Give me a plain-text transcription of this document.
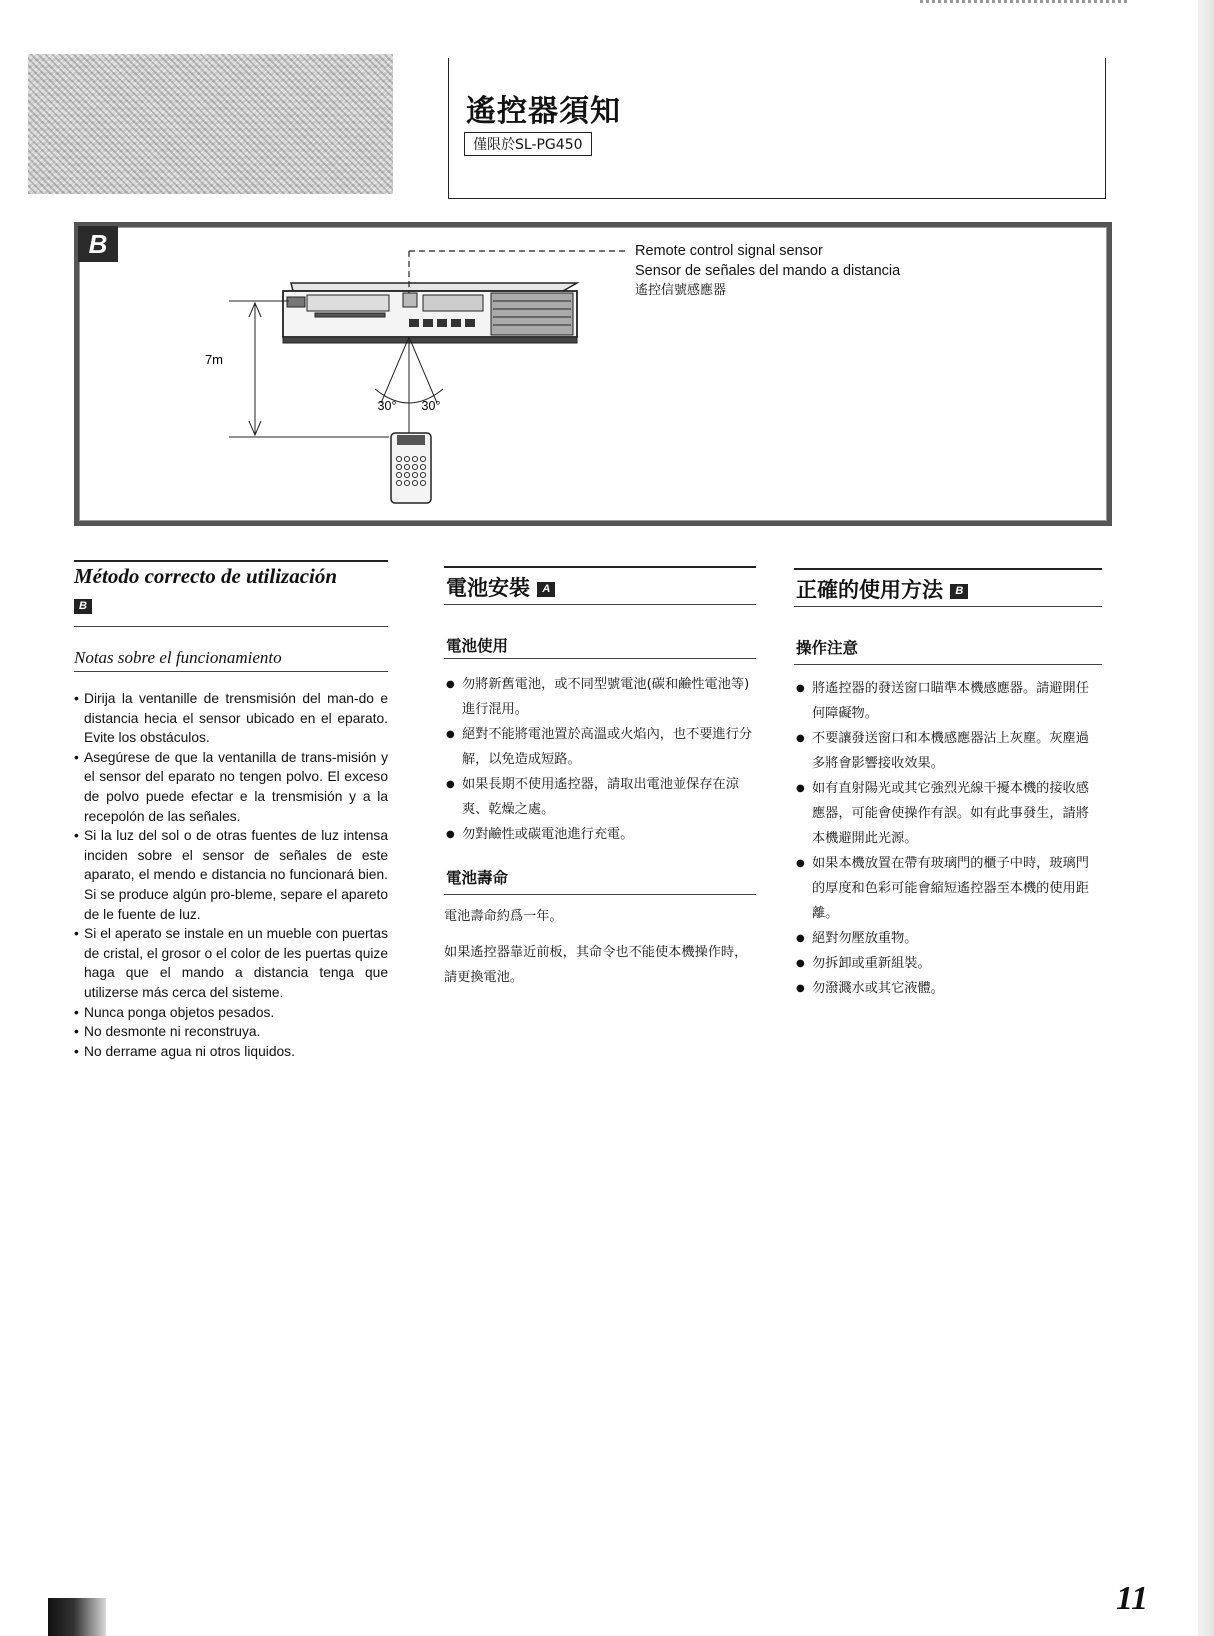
遙控器須知
僅限於SL-PG450
7m
30° 30°
Remote control signal sensor
Sensor de señales del mando a distancia
遙控信號感應器
B
Método correcto de utilización
B
Notas sobre el funcionamiento
• Dirija la ventanille de trensmisión del man-do e distancia hecia el sensor ubicado en el eparato. Evite los obstáculos.
• Asegúrese de que la ventanilla de trans-misión y el sensor del eparato no tengen polvo. El exceso de polvo puede efectar e la trensmisión y a la recepolón de las señales.
• Si la luz del sol o de otras fuentes de luz intensa inciden sobre el sensor de señales de este aparato, el mendo e distancia no funcionará bien. Si se produce algún pro-bleme, separe el apareto de le fuente de luz.
• Si el aperato se instale en un mueble con puertas de cristal, el grosor o el color de les puertas quize haga que el mando a distancia tenga que utilizerse más cerca del sisteme.
• Nunca ponga objetos pesados.
• No desmonte ni reconstruya.
• No derrame agua ni otros liquidos.
電池安裝 A
電池使用
● 勿將新舊電池，或不同型號電池(碳和鹼性電池等)進行混用。
● 絕對不能將電池置於高溫或火焰內，也不要進行分解，以免造成短路。
● 如果長期不使用遙控器，請取出電池並保存在涼爽、乾燥之處。
● 勿對鹼性或碳電池進行充電。
電池壽命
電池壽命約爲一年。
如果遙控器靠近前板，其命令也不能使本機操作時，請更換電池。
正確的使用方法 B
操作注意
● 將遙控器的發送窗口瞄準本機感應器。請避開任何障礙物。
● 不要讓發送窗口和本機感應器沾上灰塵。灰塵過多將會影響接收效果。
● 如有直射陽光或其它強烈光線干擾本機的接收感應器，可能會使操作有誤。如有此事發生，請將本機避開此光源。
● 如果本機放置在帶有玻璃門的櫃子中時，玻璃門的厚度和色彩可能會縮短遙控器至本機的使用距離。
● 絕對勿壓放重物。
● 勿拆卸或重新組裝。
● 勿潑濺水或其它液體。
11
